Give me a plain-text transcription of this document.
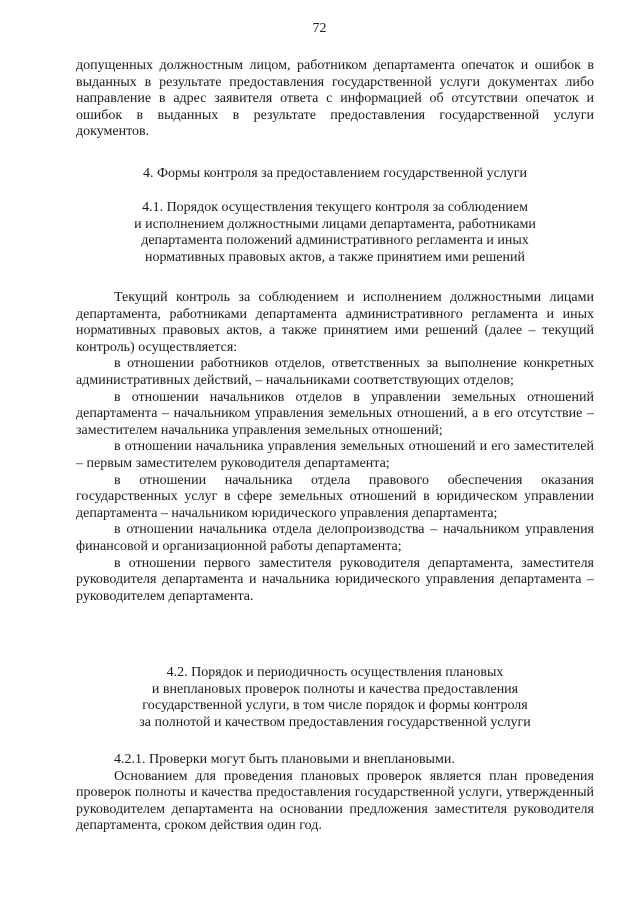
72

допущенных должностным лицом, работником департамента опечаток и ошибок в выданных в результате предоставления государственной услуги документах либо направление в адрес заявителя ответа с информацией об отсутствии опечаток и ошибок в выданных в результате предоставления государственной услуги документов.

4. Формы контроля за предоставлением государственной услуги

4.1. Порядок осуществления текущего контроля за соблюдением

и исполнением должностными лицами департамента, работниками

департамента положений административного регламента и иных

нормативных правовых актов, а также принятием ими решений

Текущий контроль за соблюдением и исполнением должностными лицами департамента, работниками департамента административного регламента и иных нормативных правовых актов, а также принятием ими решений (далее – текущий контроль) осуществляется:

в отношении работников отделов, ответственных за выполнение конкретных административных действий, – начальниками соответствующих отделов;

в отношении начальников отделов в управлении земельных отношений департамента – начальником управления земельных отношений, а в его отсутствие – заместителем начальника управления земельных отношений;

в отношении начальника управления земельных отношений и его заместителей – первым заместителем руководителя департамента;

в отношении начальника отдела правового обеспечения оказания государственных услуг в сфере земельных отношений в юридическом управлении департамента – начальником юридического управления департамента;

в отношении начальника отдела делопроизводства – начальником управления финансовой и организационной работы департамента;

в отношении первого заместителя руководителя департамента, заместителя руководителя департамента и начальника юридического управления департамента – руководителем департамента.

4.2. Порядок и периодичность осуществления плановых

и внеплановых проверок полноты и качества предоставления

государственной услуги, в том числе порядок и формы контроля

за полнотой и качеством предоставления государственной услуги

4.2.1. Проверки могут быть плановыми и внеплановыми.

Основанием для проведения плановых проверок является план проведения проверок полноты и качества предоставления государственной услуги, утвержденный руководителем департамента на основании предложения заместителя руководителя департамента, сроком действия один год.
